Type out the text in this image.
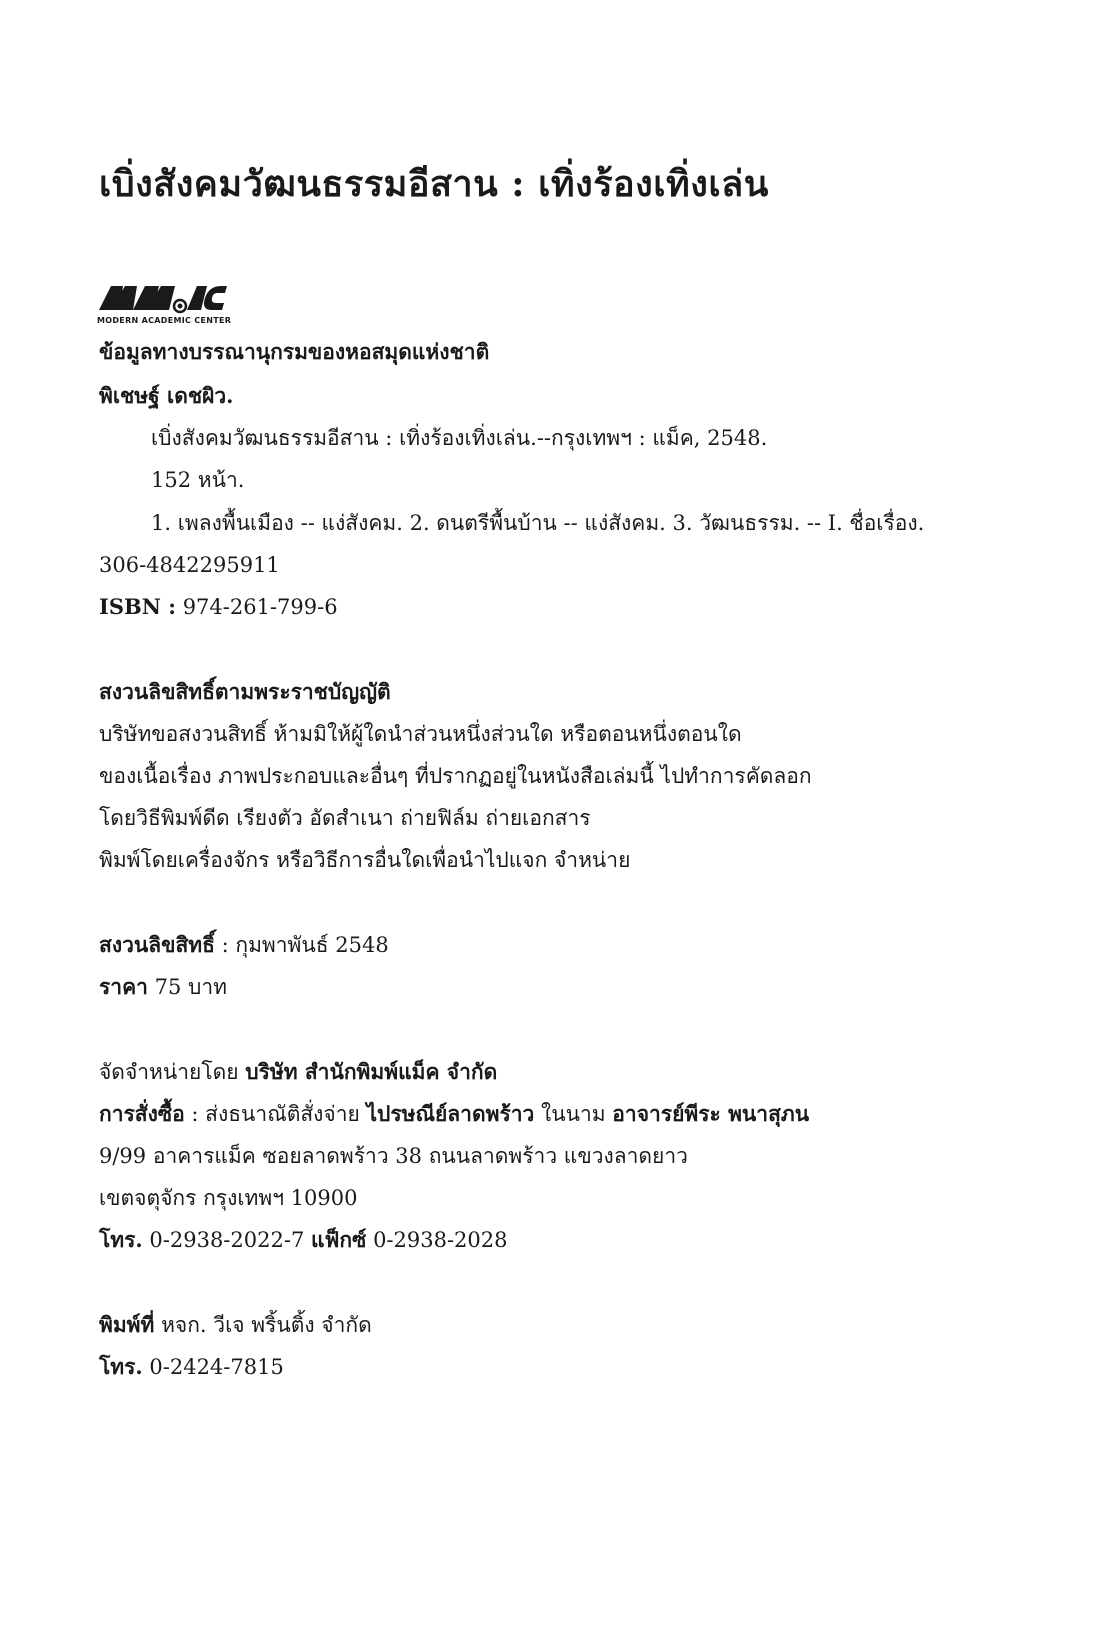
เบิ่งสังคมวัฒนธรรมอีสาน : เทิ่งร้องเทิ่งเล่น
MODERN ACADEMIC CENTER
ข้อมูลทางบรรณานุกรมของหอสมุดแห่งชาติ
พิเชษฐ์ เดชผิว.
เบิ่งสังคมวัฒนธรรมอีสาน : เทิ่งร้องเทิ่งเล่น.--กรุงเทพฯ : แม็ค, 2548.
152 หน้า.
1. เพลงพื้นเมือง -- แง่สังคม. 2. ดนตรีพื้นบ้าน -- แง่สังคม. 3. วัฒนธรรม. -- I. ชื่อเรื่อง.
306-4842295911
ISBN : 974-261-799-6
สงวนลิขสิทธิ์ตามพระราชบัญญัติ
บริษัทขอสงวนสิทธิ์ ห้ามมิให้ผู้ใดนำส่วนหนึ่งส่วนใด หรือตอนหนึ่งตอนใด
ของเนื้อเรื่อง ภาพประกอบและอื่นๆ ที่ปรากฏอยู่ในหนังสือเล่มนี้ ไปทำการคัดลอก
โดยวิธีพิมพ์ดีด เรียงตัว อัดสำเนา ถ่ายฟิล์ม ถ่ายเอกสาร
พิมพ์โดยเครื่องจักร หรือวิธีการอื่นใดเพื่อนำไปแจก จำหน่าย
สงวนลิขสิทธิ์ : กุมพาพันธ์ 2548
ราคา 75 บาท
จัดจำหน่ายโดย บริษัท สำนักพิมพ์แม็ค จำกัด
การสั่งซื้อ : ส่งธนาณัติสั่งจ่าย ไปรษณีย์ลาดพร้าว ในนาม อาจารย์พีระ พนาสุภน
9/99 อาคารแม็ค ซอยลาดพร้าว 38 ถนนลาดพร้าว แขวงลาดยาว
เขตจตุจักร กรุงเทพฯ 10900
โทร. 0-2938-2022-7 แฟ็กซ์ 0-2938-2028
พิมพ์ที่ หจก. วีเจ พริ้นติ้ง จำกัด
โทร. 0-2424-7815
